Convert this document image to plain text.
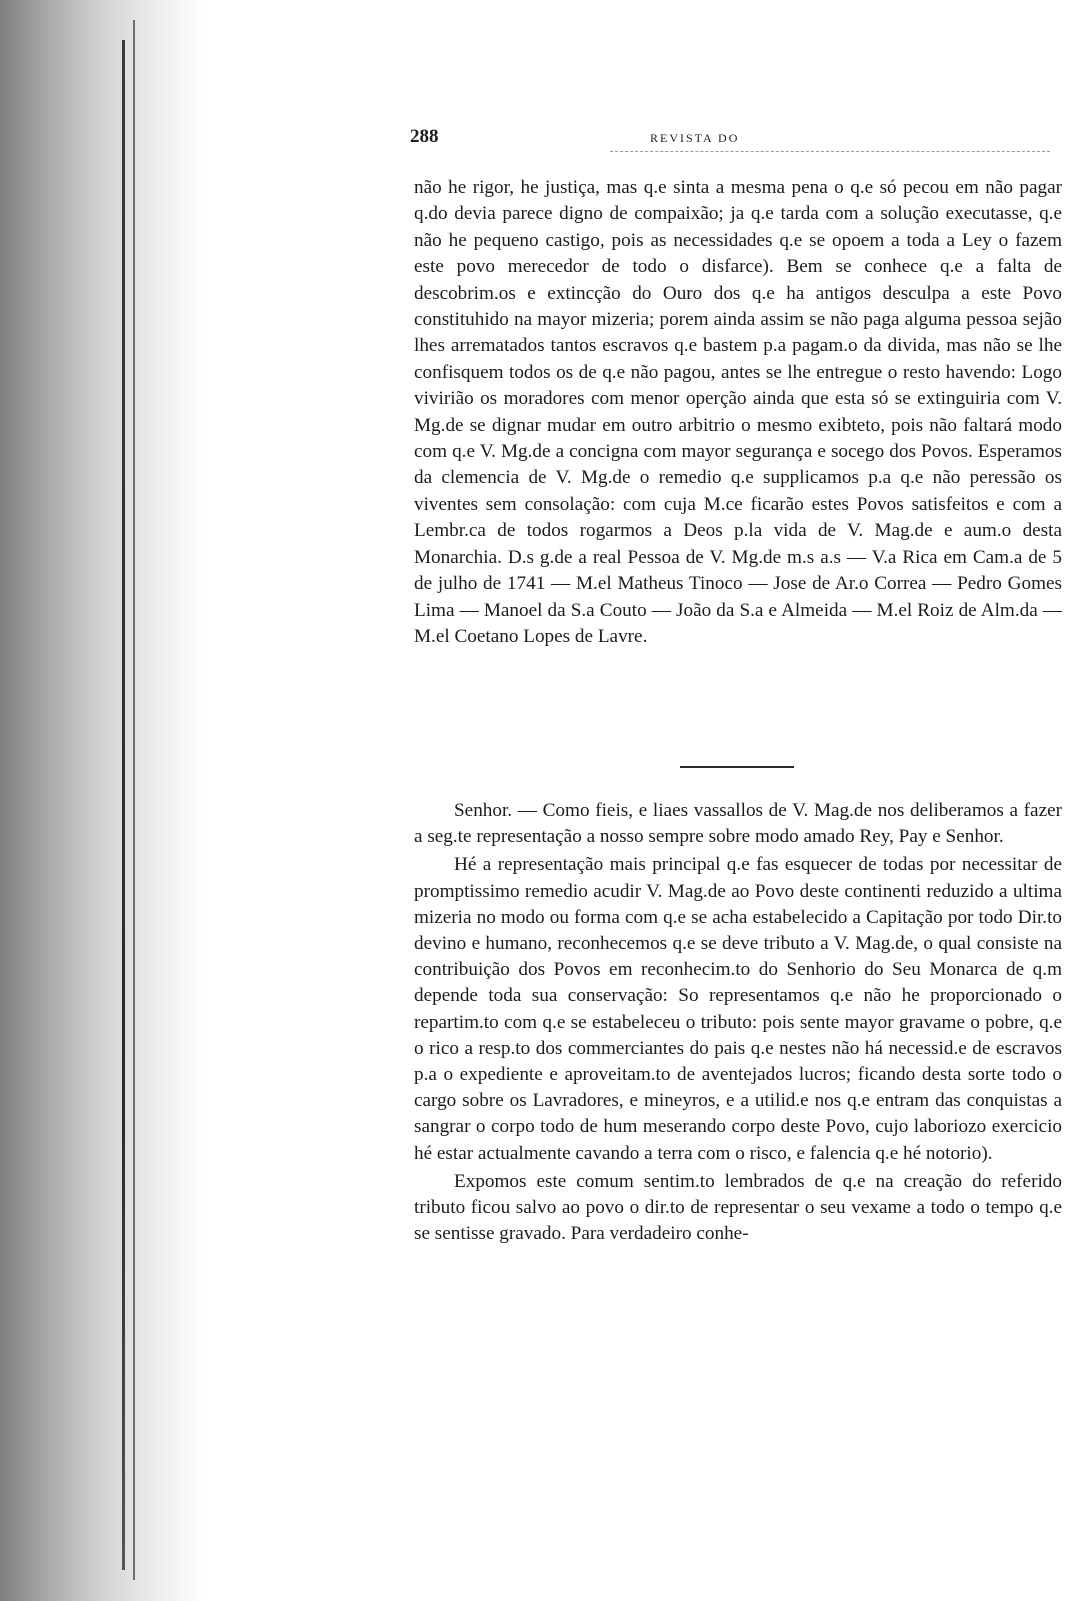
288	REVISTA DO

não he rigor, he justiça, mas q.e sinta a mesma pena o q.e só pecou em não pagar q.do devia parece digno de compaixão; ja q.e tarda com a solução executasse, q.e não he pequeno castigo, pois as necessidades q.e se opoem a toda a Ley o fazem este povo merecedor de todo o disfarce). Bem se conhece q.e a falta de descobrim.os e extincção do Ouro dos q.e ha antigos desculpa a este Povo constituhido na mayor mizeria; porem ainda assim se não paga alguma pessoa sejão lhes arrematados tantos escravos q.e bastem p.a pagam.o da divida, mas não se lhe confisquem todos os de q.e não pagou, antes se lhe entregue o resto havendo: Logo vivirião os moradores com menor operção ainda que esta só se extinguiria com V. Mg.de se dignar mudar em outro arbitrio o mesmo exibteto, pois não faltará modo com q.e V. Mg.de a concigna com mayor segurança e socego dos Povos. Esperamos da clemencia de V. Mg.de o remedio q.e supplicamos p.a q.e não peressão os viventes sem consolação: com cuja M.ce ficarão estes Povos satisfeitos e com a Lembr.ca de todos rogarmos a Deos p.la vida de V. Mag.de e aum.o desta Monarchia. D.s g.de a real Pessoa de V. Mg.de m.s a.s — V.a Rica em Cam.a de 5 de julho de 1741 — M.el Matheus Tinoco — Jose de Ar.o Correa — Pedro Gomes Lima — Manoel da S.a Couto — João da S.a e Almeida — M.el Roiz de Alm.da — M.el Coetano Lopes de Lavre.

Senhor. — Como fieis, e liaes vassallos de V. Mag.de nos deliberamos a fazer a seg.te representação a nosso sempre sobre modo amado Rey, Pay e Senhor.

Hé a representação mais principal q.e fas esquecer de todas por necessitar de promptissimo remedio acudir V. Mag.de ao Povo deste continenti reduzido a ultima mizeria no modo ou forma com q.e se acha estabelecido a Capitação por todo Dir.to devino e humano, reconhecemos q.e se deve tributo a V. Mag.de, o qual consiste na contribuição dos Povos em reconhecim.to do Senhorio do Seu Monarca de q.m depende toda sua conservação: So representamos q.e não he proporcionado o repartim.to com q.e se estabeleceu o tributo: pois sente mayor gravame o pobre, q.e o rico a resp.to dos commerciantes do pais q.e nestes não há necessid.e de escravos p.a o expediente e aproveitam.to de aventejados lucros; ficando desta sorte todo o cargo sobre os Lavradores, e mineyros, e a utilid.e nos q.e entram das conquistas a sangrar o corpo todo de hum meserando corpo deste Povo, cujo laboriozo exercicio hé estar actualmente cavando a terra com o risco, e falencia q.e hé notorio).

Expomos este comum sentim.to lembrados de q.e na creação do referido tributo ficou salvo ao povo o dir.to de representar o seu vexame a todo o tempo q.e se sentisse gravado. Para verdadeiro conhe-
